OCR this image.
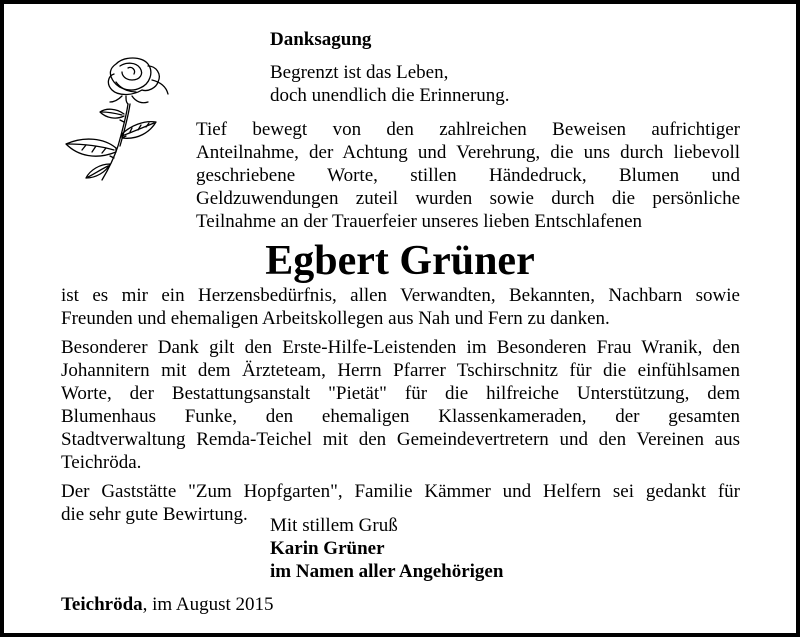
Danksagung
Begrenzt ist das Leben,
doch unendlich die Erinnerung.
Tief bewegt von den zahlreichen Beweisen aufrichtiger
Anteilnahme, der Achtung und Verehrung, die uns durch liebevoll
geschriebene Worte, stillen Händedruck, Blumen und
Geldzuwendungen zuteil wurden sowie durch die persönliche
Teilnahme an der Trauerfeier unseres lieben Entschlafenen
Egbert Grüner
ist es mir ein Herzensbedürfnis, allen Verwandten, Bekannten, Nachbarn sowie
Freunden und ehemaligen Arbeitskollegen aus Nah und Fern zu danken.
Besonderer Dank gilt den Erste-Hilfe-Leistenden im Besonderen Frau Wranik, den
Johannitern mit dem Ärzteteam, Herrn Pfarrer Tschirschnitz für die einfühlsamen
Worte, der Bestattungsanstalt "Pietät" für die hilfreiche Unterstützung, dem
Blumenhaus Funke, den ehemaligen Klassenkameraden, der gesamten
Stadtverwaltung Remda-Teichel mit den Gemeindevertretern und den Vereinen aus
Teichröda.
Der Gaststätte "Zum Hopfgarten", Familie Kämmer und Helfern sei gedankt für
die sehr gute Bewirtung.
Mit stillem Gruß
Karin Grüner
im Namen aller Angehörigen
Teichröda, im August 2015
